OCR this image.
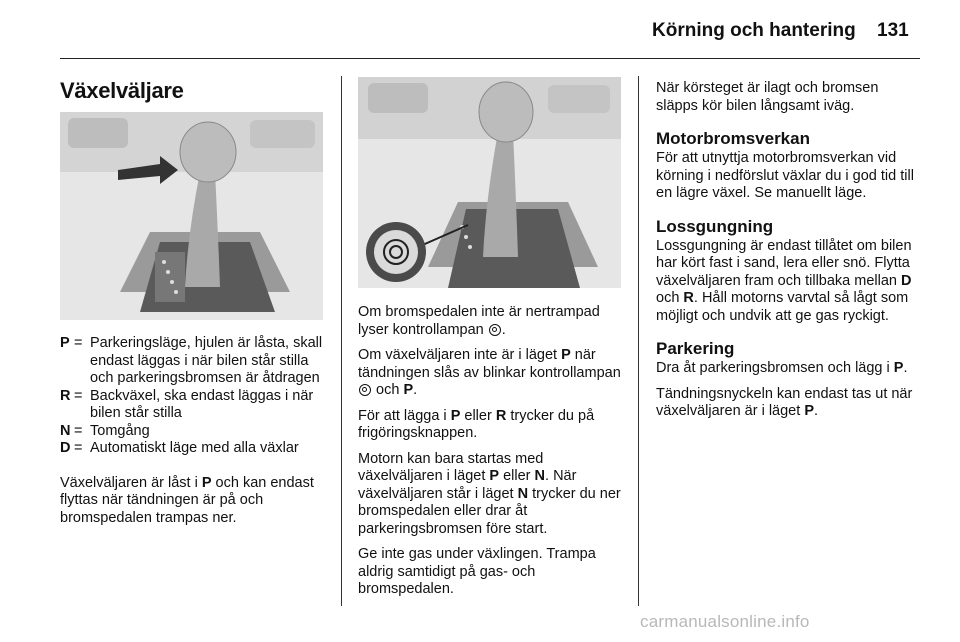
Körning och hantering 131
Växelväljare
P = Parkeringsläge, hjulen är låsta, skall endast läggas i när bilen står stilla och parkeringsbromsen är åtdragen
R = Backväxel, ska endast läggas i när bilen står stilla
N = Tomgång
D = Automatiskt läge med alla växlar

Växelväljaren är låst i P och kan endast flyttas när tändningen är på och bromspedalen trampas ner.

Om bromspedalen inte är nertrampad lyser kontrollampan .

Om växelväljaren inte är i läget P när tändningen slås av blinkar kontrollampan  och P.

För att lägga i P eller R trycker du på frigöringsknappen.

Motorn kan bara startas med växelväljaren i läget P eller N. När växelväljaren står i läget N trycker du ner bromspedalen eller drar åt parkeringsbromsen före start.

Ge inte gas under växlingen. Trampa aldrig samtidigt på gas- och bromspedalen.

När körsteget är ilagt och bromsen släpps kör bilen långsamt iväg.

Motorbromsverkan

För att utnyttja motorbromsverkan vid körning i nedförslut växlar du i god tid till en lägre växel. Se manuellt läge.

Lossgungning

Lossgungning är endast tillåtet om bilen har kört fast i sand, lera eller snö. Flytta växelväljaren fram och tillbaka mellan D och R. Håll motorns varvtal så lågt som möjligt och undvik att ge gas ryckigt.

Parkering

Dra åt parkeringsbromsen och lägg i P.

Tändningsnyckeln kan endast tas ut när växelväljaren är i läget P.

carmanualsonline.info
